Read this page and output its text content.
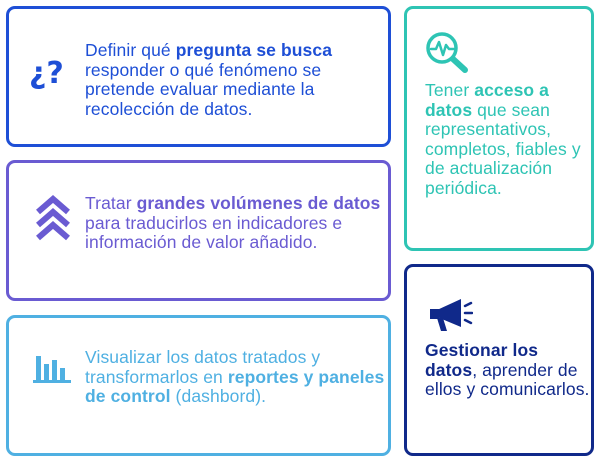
¿?
Definir qué pregunta se busca responder o qué fenómeno se pretende evaluar mediante la recolección de datos.
Tratar grandes volúmenes de datos para traducirlos en indicadores e información de valor añadido.
Visualizar los datos tratados y transformarlos en reportes y paneles de control (dashbord).
Tener acceso a datos que sean representativos, completos, fiables y de actualización periódica.
Gestionar los datos, aprender de ellos y comunicarlos.
